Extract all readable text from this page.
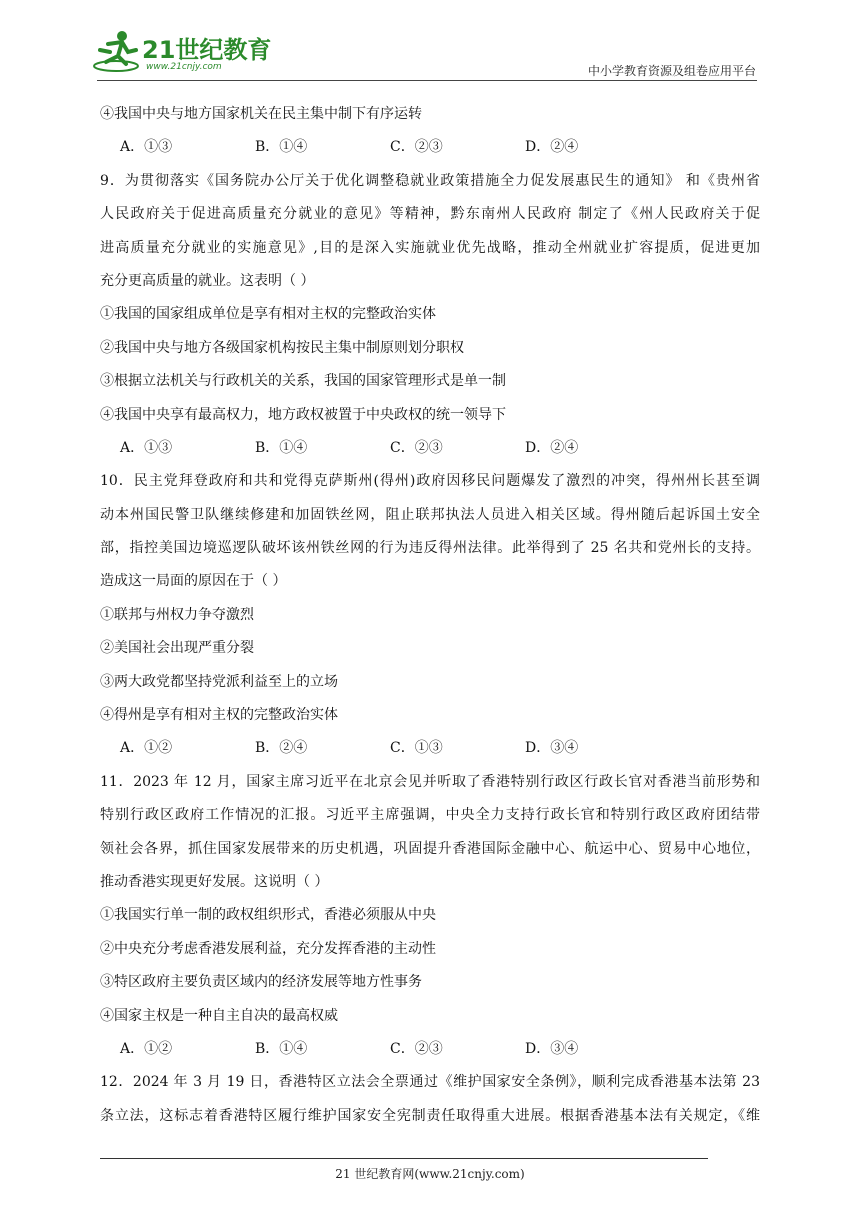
21世纪教育
www.21cnjy.com	中小学教育资源及组卷应用平台
④我国中央与地方国家机关在民主集中制下有序运转
A．①③	B．①④	C．②③	D．②④
9．为贯彻落实《国务院办公厅关于优化调整稳就业政策措施全力促发展惠民生的通知》 和《贵州省
人民政府关于促进高质量充分就业的意见》等精神，黔东南州人民政府 制定了《州人民政府关于促
进高质量充分就业的实施意见》,目的是深入实施就业优先战略，推动全州就业扩容提质，促进更加
充分更高质量的就业。这表明（ ）
①我国的国家组成单位是享有相对主权的完整政治实体
②我国中央与地方各级国家机构按民主集中制原则划分职权
③根据立法机关与行政机关的关系，我国的国家管理形式是单一制
④我国中央享有最高权力，地方政权被置于中央政权的统一领导下
A．①③	B．①④	C．②③	D．②④
10．民主党拜登政府和共和党得克萨斯州(得州)政府因移民问题爆发了激烈的冲突，得州州长甚至调
动本州国民警卫队继续修建和加固铁丝网，阻止联邦执法人员进入相关区域。得州随后起诉国土安全
部，指控美国边境巡逻队破坏该州铁丝网的行为违反得州法律。此举得到了 25 名共和党州长的支持。
造成这一局面的原因在于（ ）
①联邦与州权力争夺激烈
②美国社会出现严重分裂
③两大政党都坚持党派利益至上的立场
④得州是享有相对主权的完整政治实体
A．①②	B．②④	C．①③	D．③④
11．2023 年 12 月，国家主席习近平在北京会见并听取了香港特别行政区行政长官对香港当前形势和
特别行政区政府工作情况的汇报。习近平主席强调，中央全力支持行政长官和特别行政区政府团结带
领社会各界，抓住国家发展带来的历史机遇，巩固提升香港国际金融中心、航运中心、贸易中心地位，
推动香港实现更好发展。这说明（ ）
①我国实行单一制的政权组织形式，香港必须服从中央
②中央充分考虑香港发展利益，充分发挥香港的主动性
③特区政府主要负责区域内的经济发展等地方性事务
④国家主权是一种自主自决的最高权威
A．①②	B．①④	C．②③	D．③④
12．2024 年 3 月 19 日，香港特区立法会全票通过《维护国家安全条例》，顺利完成香港基本法第 23
条立法，这标志着香港特区履行维护国家安全宪制责任取得重大进展。根据香港基本法有关规定，《维
21 世纪教育网(www.21cnjy.com)
